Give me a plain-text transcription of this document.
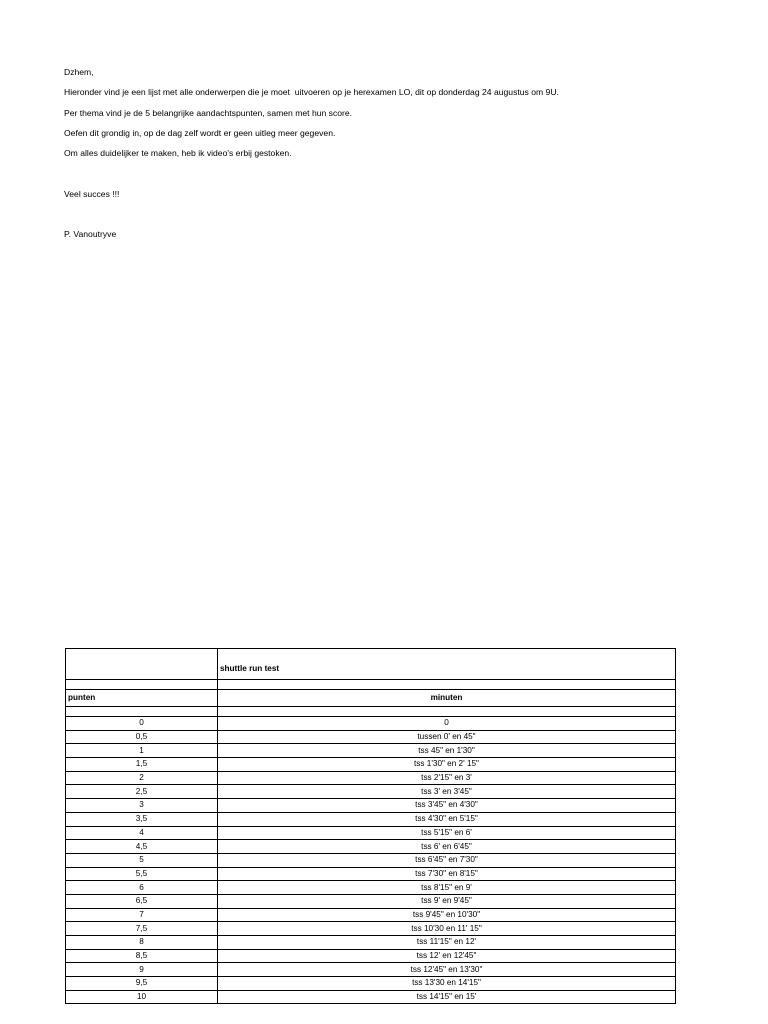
Dzhem,

Hieronder vind je een lijst met alle onderwerpen die je moet  uitvoeren op je herexamen LO, dit op donderdag 24 augustus om 9U.

Per thema vind je de 5 belangrijke aandachtspunten, samen met hun score.

Oefen dit grondig in, op de dag zelf wordt er geen uitleg meer gegeven.

Om alles duidelijker te maken, heb ik video's erbij gestoken.

Veel succes !!!

P. Vanoutryve

	shuttle run test

punten	minuten

0	0
0,5	tussen 0' en 45"
1	tss 45" en 1'30"
1,5	tss 1'30" en 2' 15"
2	tss 2'15" en 3'
2,5	tss 3' en 3'45"
3	tss 3'45" en 4'30"
3,5	tss 4'30" en 5'15"
4	tss 5'15" en 6'
4,5	tss 6' en 6'45"
5	tss 6'45" en 7'30"
5,5	tss 7'30" en 8'15"
6	tss 8'15" en 9'
6,5	tss 9' en 9'45"
7	tss 9'45" en 10'30"
7,5	tss 10'30 en 11' 15"
8	tss 11'15" en 12'
8,5	tss 12' en 12'45"
9	tss 12'45" en 13'30"
9,5	tss 13'30 en 14'15"
10	tss 14'15" en 15'
